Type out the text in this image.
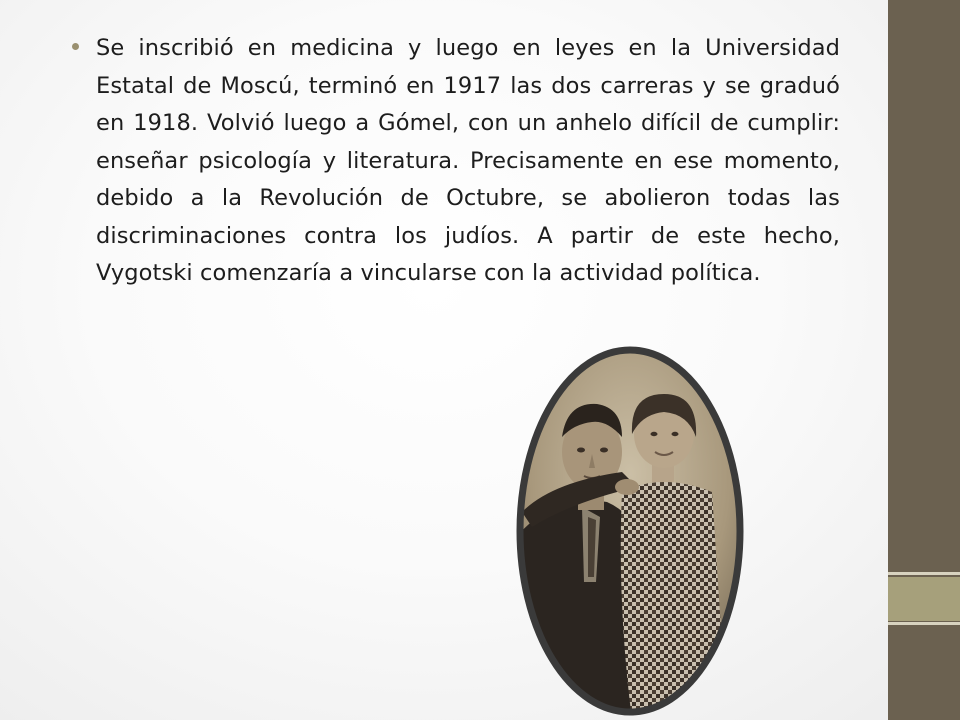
Se inscribió en medicina y luego en leyes en la Universidad Estatal de Moscú, terminó en 1917 las dos carreras y se graduó en 1918. Volvió luego a Gómel, con un anhelo difícil de cumplir: enseñar psicología y literatura. Precisamente en ese momento, debido a la Revolución de Octubre, se abolieron todas las discriminaciones contra los judíos. A partir de este hecho, Vygotski comenzaría a vincularse con la actividad política.
